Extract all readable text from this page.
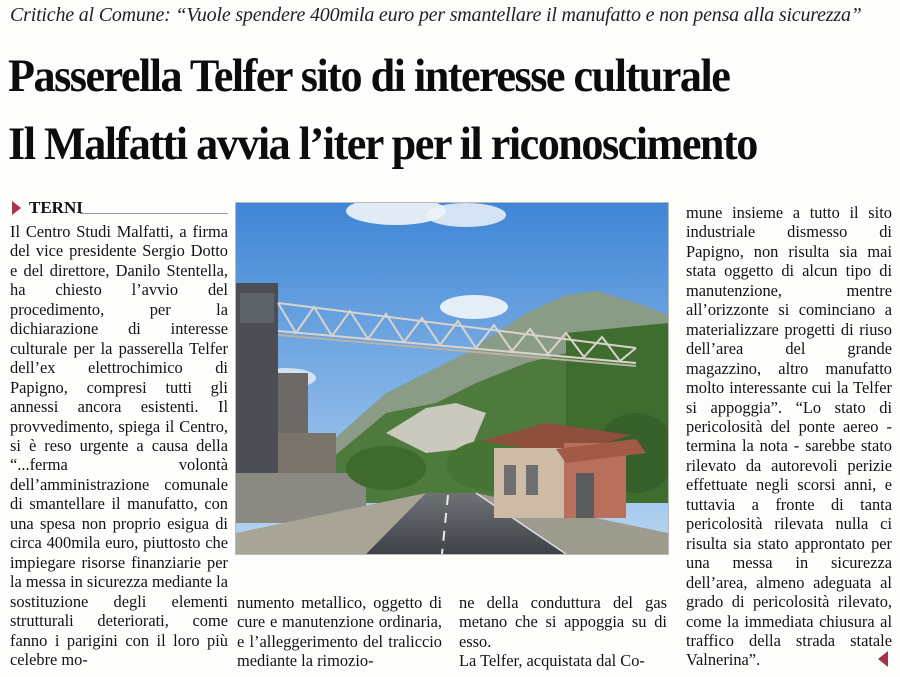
Critiche al Comune: “Vuole spendere 400mila euro per smantellare il manufatto e non pensa alla sicurezza”
Passerella Telfer sito di interesse culturale
Il Malfatti avvia l’iter per il riconoscimento
TERNI

Il Centro Studi Malfatti, a firma del vice presidente Sergio Dotto e del direttore, Danilo Stentella, ha chiesto l’avvio del procedimento, per la dichiarazione di interesse culturale per la passerella Telfer dell’ex elettrochimico di Papigno, compresi tutti gli annessi ancora esistenti. Il provvedimento, spiega il Centro, si è reso urgente a causa della “...ferma volontà dell’amministrazione comunale di smantellare il manufatto, con una spesa non proprio esigua di circa 400mila euro, piuttosto che impiegare risorse finanziarie per la messa in sicurezza mediante la sostituzione degli elementi strutturali deteriorati, come fanno i parigini con il loro più celebre mo-

numento metallico, oggetto di cure e manutenzione ordinaria, e l’alleggerimento del traliccio mediante la rimozio-

ne della conduttura del gas metano che si appoggia su di esso.

La Telfer, acquistata dal Co-

mune insieme a tutto il sito industriale dismesso di Papigno, non risulta sia mai stata oggetto di alcun tipo di manutenzione, mentre all’orizzonte si cominciano a materializzare progetti di riuso dell’area del grande magazzino, altro manufatto molto interessante cui la Telfer si appoggia”. “Lo stato di pericolosità del ponte aereo - termina la nota - sarebbe stato rilevato da autorevoli perizie effettuate negli scorsi anni, e tuttavia a fronte di tanta pericolosità rilevata nulla ci risulta sia stato approntato per una messa in sicurezza dell’area, almeno adeguata al grado di pericolosità rilevato, come la immediata chiusura al traffico della strada statale Valnerina”.
